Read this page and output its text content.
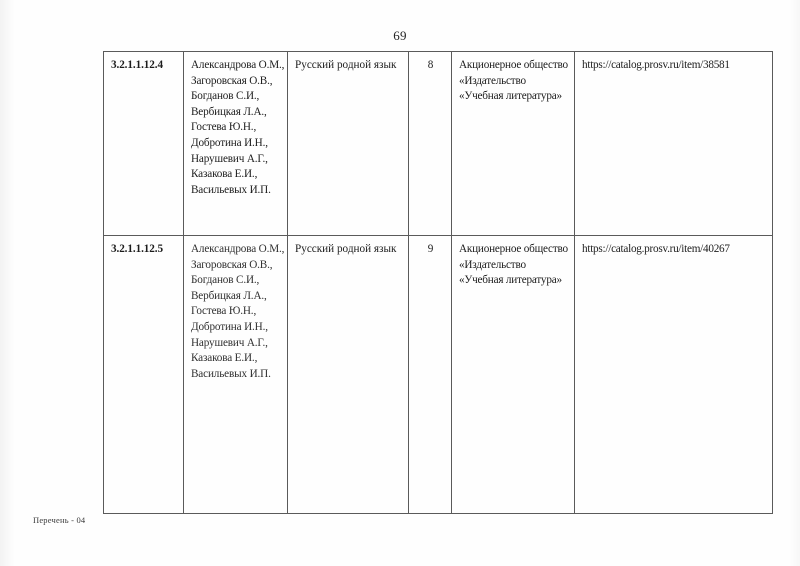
69
3.2.1.1.12.4	Александрова О.М.,
Загоровская О.В.,
Богданов С.И.,
Вербицкая Л.А.,
Гостева Ю.Н.,
Добротина И.Н.,
Нарушевич А.Г.,
Казакова Е.И.,
Васильевых И.П.
	Русский родной язык	8	Акционерное общество
«Издательство
«Учебная литература»
	https://catalog.prosv.ru/item/38581
3.2.1.1.12.5	Александрова О.М.,
Загоровская О.В.,
Богданов С.И.,
Вербицкая Л.А.,
Гостева Ю.Н.,
Добротина И.Н.,
Нарушевич А.Г.,
Казакова Е.И.,
Васильевых И.П.
	Русский родной язык	9	Акционерное общество
«Издательство
«Учебная литература»
	https://catalog.prosv.ru/item/40267
Перечень - 04
